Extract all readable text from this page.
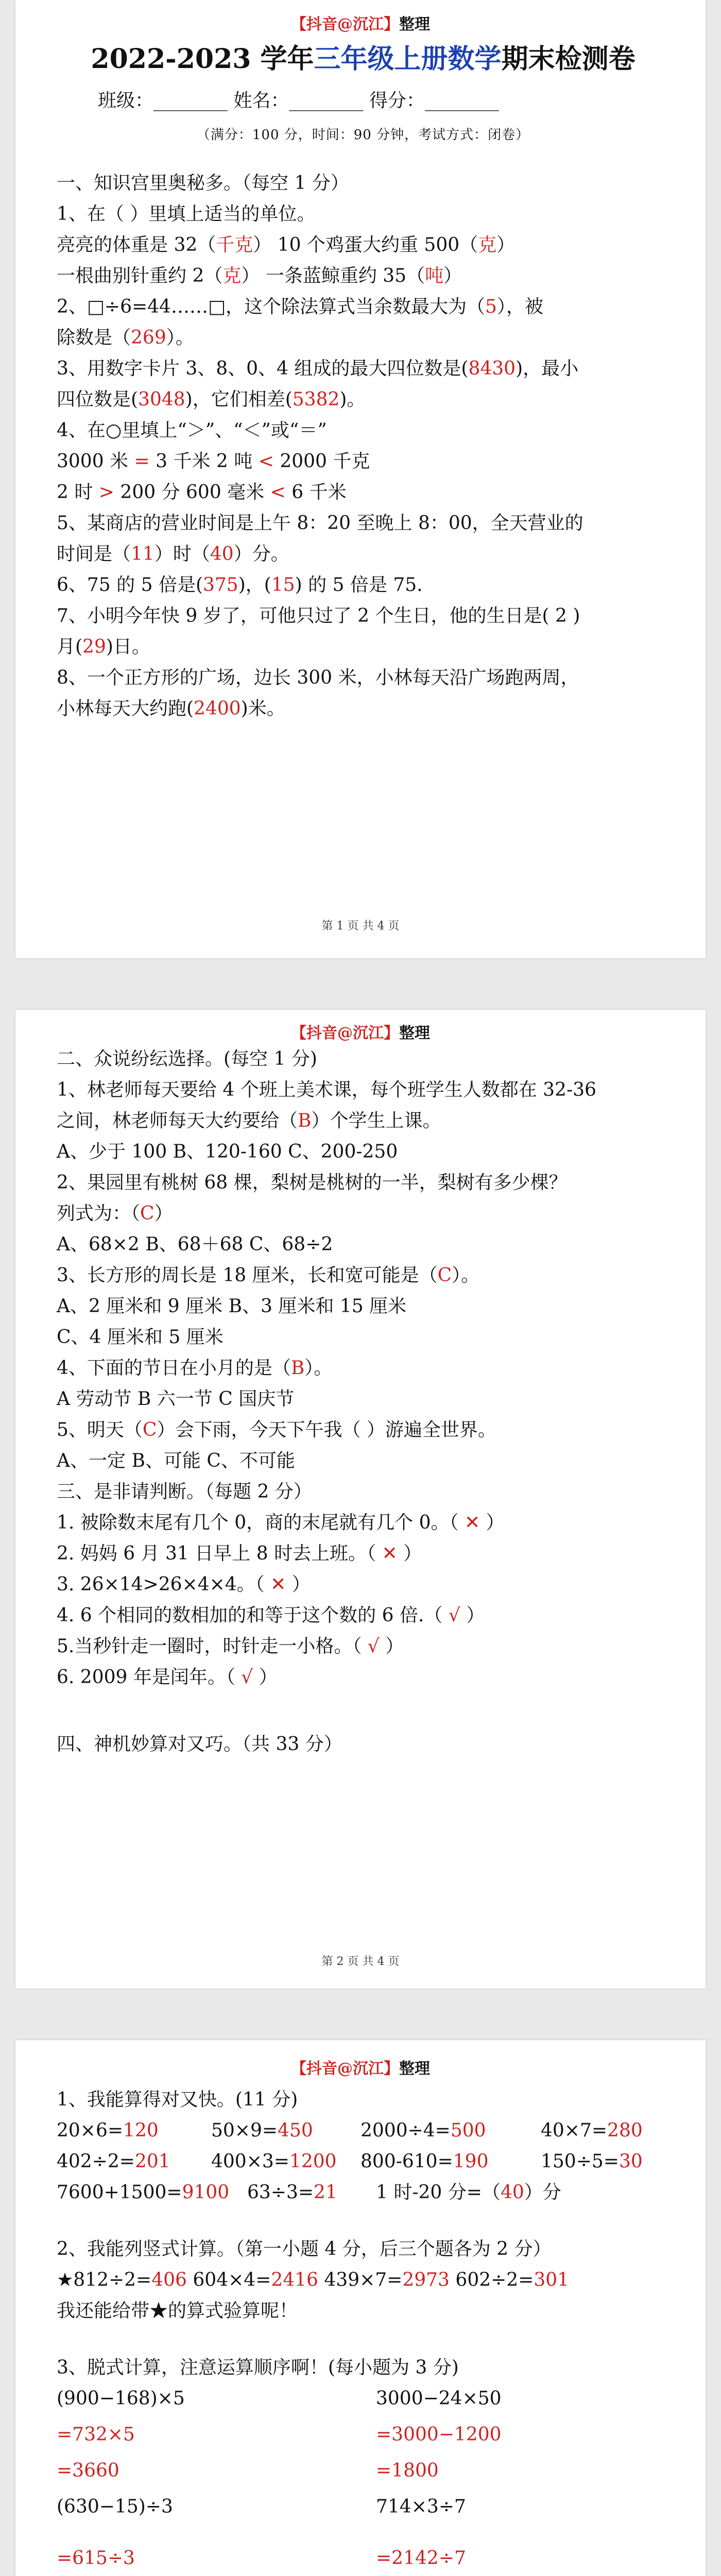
【抖音@沉江】整理
2022-2023 学年三年级上册数学期末检测卷
班级：________ 姓名：________ 得分：________
（满分：100 分，时间：90 分钟，考试方式：闭卷）
一、知识宫里奥秘多。（每空 1 分）
1、在（ ）里填上适当的单位。
亮亮的体重是 32（千克） 10 个鸡蛋大约重 500（克）
一根曲别针重约 2（克） 一条蓝鲸重约 35（吨）
2、□÷6=44……□，这个除法算式当余数最大为（5），被
除数是（269）。
3、用数字卡片 3、8、0、4 组成的最大四位数是(8430)，最小
四位数是(3048)，它们相差(5382)。
4、在○里填上“＞”、“＜”或“＝”
3000 米 = 3 千米 2 吨 < 2000 千克
2 时 > 200 分 600 毫米 < 6 千米
5、某商店的营业时间是上午 8：20 至晚上 8：00，全天营业的
时间是（11）时（40）分。
6、75 的 5 倍是(375)，(15) 的 5 倍是 75.
7、小明今年快 9 岁了，可他只过了 2 个生日，他的生日是( 2 )
月(29)日。
8、一个正方形的广场，边长 300 米，小林每天沿广场跑两周，
小林每天大约跑(2400)米。
第 1 页 共 4 页
【抖音@沉江】整理
二、众说纷纭选择。(每空 1 分)
1、林老师每天要给 4 个班上美术课，每个班学生人数都在 32-36
之间，林老师每天大约要给（B）个学生上课。
A、少于 100 B、120-160 C、200-250
2、果园里有桃树 68 棵，梨树是桃树的一半，梨树有多少棵？
列式为：（C）
A、68×2 B、68＋68 C、68÷2
3、长方形的周长是 18 厘米，长和宽可能是（C）。
A、2 厘米和 9 厘米 B、3 厘米和 15 厘米
C、4 厘米和 5 厘米
4、下面的节日在小月的是（B）。
A 劳动节 B 六一节 C 国庆节
5、明天（C）会下雨，今天下午我（ ）游遍全世界。
A、一定 B、可能 C、不可能
三、是非请判断。（每题 2 分）
1. 被除数末尾有几个 0，商的末尾就有几个 0。（ ✕ ）
2. 妈妈 6 月 31 日早上 8 时去上班。（ ✕ ）
3. 26×14>26×4×4。（ ✕ ）
4. 6 个相同的数相加的和等于这个数的 6 倍.（ √ ）
5.当秒针走一圈时，时针走一小格。（ √ ）
6. 2009 年是闰年。（ √ ）
四、神机妙算对又巧。（共 33 分）
第 2 页 共 4 页
【抖音@沉江】整理
1、我能算得对又快。(11 分)
20×6=120	50×9=450	2000÷4=500	40×7=280
402÷2=201 400×3=1200 800-610=190	150÷5=30
7600+1500=9100 63÷3=21 1 时-20 分=（40）分
2、我能列竖式计算。（第一小题 4 分，后三个题各为 2 分）
★812÷2=406 604×4=2416 439×7=2973 602÷2=301
我还能给带★的算式验算呢！
3、脱式计算，注意运算顺序啊！(每小题为 3 分)
(900−168)×5	3000−24×50
=732×5	=3000−1200
=3660	=1800
(630−15)÷3	714×3÷7
=615÷3	=2142÷7
